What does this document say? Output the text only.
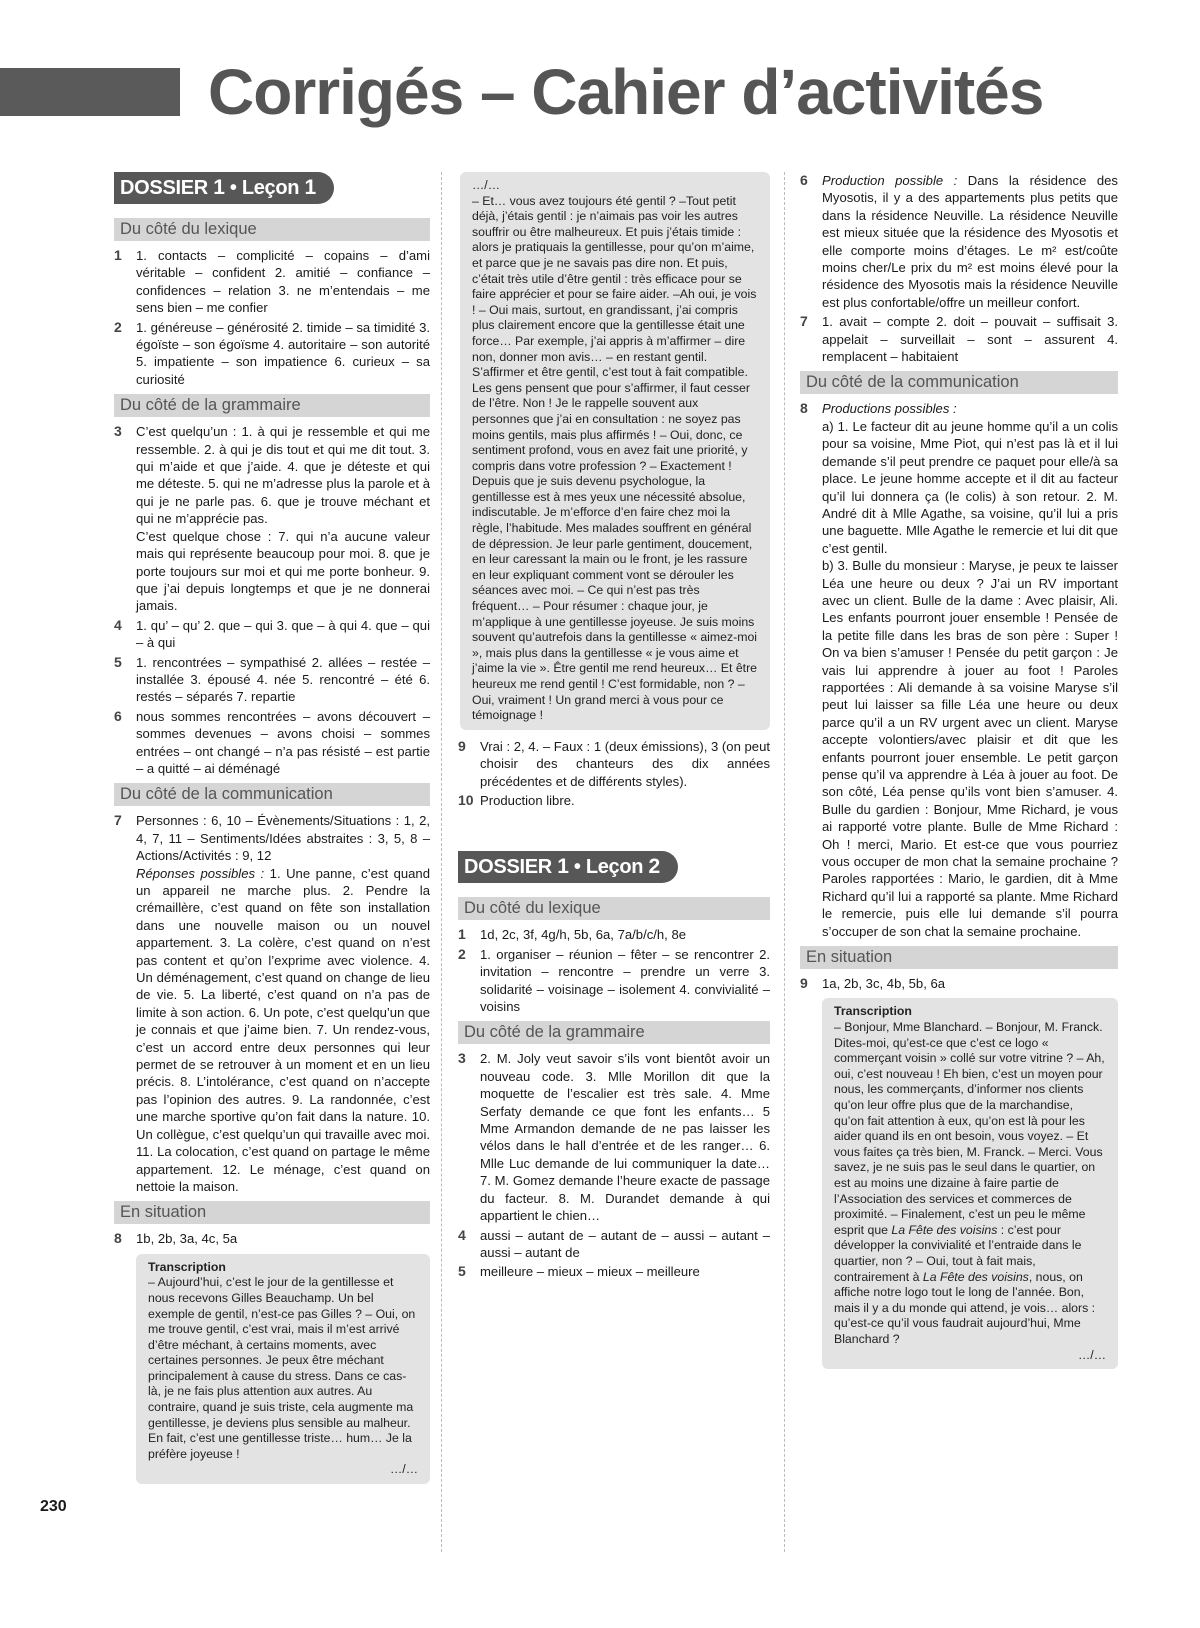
Corrigés – Cahier d’activités
DOSSIER 1 • Leçon 1
Du côté du lexique
1	1. contacts – complicité – copains – d’ami véritable – confident 2. amitié – confiance – confidences – relation 3. ne m’entendais – me sens bien – me confier
2	1. généreuse – générosité 2. timide – sa timidité 3. égoïste – son égoïsme 4. autoritaire – son autorité 5. impatiente – son impatience 6. curieux – sa curiosité
Du côté de la grammaire
3	C’est quelqu’un : 1. à qui je ressemble et qui me ressemble. 2. à qui je dis tout et qui me dit tout. 3. qui m’aide et que j’aide. 4. que je déteste et qui me déteste. 5. qui ne m’adresse plus la parole et à qui je ne parle pas. 6. que je trouve méchant et qui ne m’apprécie pas.

C’est quelque chose : 7. qui n’a aucune valeur mais qui représente beaucoup pour moi. 8. que je porte toujours sur moi et qui me porte bonheur. 9. que j’ai depuis longtemps et que je ne donnerai jamais.

4	1. qu’ – qu’ 2. que – qui 3. que – à qui 4. que – qui – à qui
5	1. rencontrées – sympathisé 2. allées – restée – installée 3. épousé 4. née 5. rencontré – été 6. restés – séparés 7. repartie
6	nous sommes rencontrées – avons découvert – sommes devenues – avons choisi – sommes entrées – ont changé – n’a pas résisté – est partie – a quitté – ai déménagé
Du côté de la communication
7	Personnes : 6, 10 – Évènements/Situations : 1, 2, 4, 7, 11 – Sentiments/Idées abstraites : 3, 5, 8 – Actions/Activités : 9, 12

Réponses possibles : 1. Une panne, c’est quand un appareil ne marche plus. 2. Pendre la crémaillère, c’est quand on fête son installation dans une nouvelle maison ou un nouvel appartement. 3. La colère, c’est quand on n’est pas content et qu’on l’exprime avec violence. 4. Un déménagement, c’est quand on change de lieu de vie. 5. La liberté, c’est quand on n’a pas de limite à son action. 6. Un pote, c’est quelqu’un que je connais et que j’aime bien. 7. Un rendez-vous, c’est un accord entre deux personnes qui leur permet de se retrouver à un moment et en un lieu précis. 8. L’intolérance, c’est quand on n’accepte pas l’opinion des autres. 9. La randonnée, c’est une marche sportive qu’on fait dans la nature. 10. Un collègue, c’est quelqu’un qui travaille avec moi. 11. La colocation, c’est quand on partage le même appartement. 12. Le ménage, c’est quand on nettoie la maison.

En situation
8	1b, 2b, 3a, 4c, 5a

Transcription

– Aujourd’hui, c’est le jour de la gentillesse et nous recevons Gilles Beauchamp. Un bel exemple de gentil, n’est-ce pas Gilles ? – Oui, on me trouve gentil, c’est vrai, mais il m’est arrivé d’être méchant, à certains moments, avec certaines personnes. Je peux être méchant principalement à cause du stress. Dans ce cas-là, je ne fais plus attention aux autres. Au contraire, quand je suis triste, cela augmente ma gentillesse, je deviens plus sensible au malheur. En fait, c’est une gentillesse triste… hum… Je la préfère joyeuse !

…/…

…/…

– Et… vous avez toujours été gentil ? –Tout petit déjà, j’étais gentil : je n’aimais pas voir les autres souffrir ou être malheureux. Et puis j’étais timide : alors je pratiquais la gentillesse, pour qu’on m’aime, et parce que je ne savais pas dire non. Et puis, c’était très utile d’être gentil : très efficace pour se faire apprécier et pour se faire aider. –Ah oui, je vois ! – Oui mais, surtout, en grandissant, j’ai compris plus clairement encore que la gentillesse était une force… Par exemple, j’ai appris à m’affirmer – dire non, donner mon avis… – en restant gentil. S’affirmer et être gentil, c’est tout à fait compatible. Les gens pensent que pour s’affirmer, il faut cesser de l’être. Non ! Je le rappelle souvent aux personnes que j’ai en consultation : ne soyez pas moins gentils, mais plus affirmés ! – Oui, donc, ce sentiment profond, vous en avez fait une priorité, y compris dans votre profession ? – Exactement ! Depuis que je suis devenu psychologue, la gentillesse est à mes yeux une nécessité absolue, indiscutable. Je m’efforce d’en faire chez moi la règle, l’habitude. Mes malades souffrent en général de dépression. Je leur parle gentiment, doucement, en leur caressant la main ou le front, je les rassure en leur expliquant comment vont se dérouler les séances avec moi. – Ce qui n’est pas très fréquent… – Pour résumer : chaque jour, je m’applique à une gentillesse joyeuse. Je suis moins souvent qu’autrefois dans la gentillesse « aimez-moi », mais plus dans la gentillesse « je vous aime et j’aime la vie ». Être gentil me rend heureux… Et être heureux me rend gentil ! C’est formidable, non ? – Oui, vraiment ! Un grand merci à vous pour ce témoignage !

9	Vrai : 2, 4. – Faux : 1 (deux émissions), 3 (on peut choisir des chanteurs des dix années précédentes et de différents styles).
10 Production libre.
DOSSIER 1 • Leçon 2
Du côté du lexique
1	1d, 2c, 3f, 4g/h, 5b, 6a, 7a/b/c/h, 8e
2	1. organiser – réunion – fêter – se rencontrer 2. invitation – rencontre – prendre un verre 3. solidarité – voisinage – isolement 4. convivialité – voisins
Du côté de la grammaire
3	2. M. Joly veut savoir s’ils vont bientôt avoir un nouveau code. 3. Mlle Morillon dit que la moquette de l’escalier est très sale. 4. Mme Serfaty demande ce que font les enfants… 5 Mme Armandon demande de ne pas laisser les vélos dans le hall d’entrée et de les ranger… 6. Mlle Luc demande de lui communiquer la date… 7. M. Gomez demande l’heure exacte de passage du facteur. 8. M. Durandet demande à qui appartient le chien…
4	aussi – autant de – autant de – aussi – autant – aussi – autant de
5	meilleure – mieux – mieux – meilleure
6	Production possible : Dans la résidence des Myosotis, il y a des appartements plus petits que dans la résidence Neuville. La résidence Neuville est mieux située que la résidence des Myosotis et elle comporte moins d’étages. Le m² est/coûte moins cher/Le prix du m² est moins élevé pour la résidence des Myosotis mais la résidence Neuville est plus confortable/offre un meilleur confort.
7	1. avait – compte 2. doit – pouvait – suffisait 3. appelait – surveillait – sont – assurent 4. remplacent – habitaient
Du côté de la communication
8	Productions possibles :

a) 1. Le facteur dit au jeune homme qu’il a un colis pour sa voisine, Mme Piot, qui n’est pas là et il lui demande s’il peut prendre ce paquet pour elle/à sa place. Le jeune homme accepte et il dit au facteur qu’il lui donnera ça (le colis) à son retour. 2. M. André dit à Mlle Agathe, sa voisine, qu’il lui a pris une baguette. Mlle Agathe le remercie et lui dit que c’est gentil.

b) 3. Bulle du monsieur : Maryse, je peux te laisser Léa une heure ou deux ? J’ai un RV important avec un client. Bulle de la dame : Avec plaisir, Ali. Les enfants pourront jouer ensemble ! Pensée de la petite fille dans les bras de son père : Super ! On va bien s’amuser ! Pensée du petit garçon : Je vais lui apprendre à jouer au foot ! Paroles rapportées : Ali demande à sa voisine Maryse s’il peut lui laisser sa fille Léa une heure ou deux parce qu’il a un RV urgent avec un client. Maryse accepte volontiers/avec plaisir et dit que les enfants pourront jouer ensemble. Le petit garçon pense qu’il va apprendre à Léa à jouer au foot. De son côté, Léa pense qu’ils vont bien s’amuser. 4. Bulle du gardien : Bonjour, Mme Richard, je vous ai rapporté votre plante. Bulle de Mme Richard : Oh ! merci, Mario. Et est-ce que vous pourriez vous occuper de mon chat la semaine prochaine ? Paroles rapportées : Mario, le gardien, dit à Mme Richard qu’il lui a rapporté sa plante. Mme Richard le remercie, puis elle lui demande s’il pourra s’occuper de son chat la semaine prochaine.

En situation
9	1a, 2b, 3c, 4b, 5b, 6a

Transcription

– Bonjour, Mme Blanchard. – Bonjour, M. Franck. Dites-moi, qu’est-ce que c’est ce logo « commerçant voisin » collé sur votre vitrine ? – Ah, oui, c’est nouveau ! Eh bien, c’est un moyen pour nous, les commerçants, d’informer nos clients qu’on leur offre plus que de la marchandise, qu’on fait attention à eux, qu’on est là pour les aider quand ils en ont besoin, vous voyez. – Et vous faites ça très bien, M. Franck. – Merci. Vous savez, je ne suis pas le seul dans le quartier, on est au moins une dizaine à faire partie de l’Association des services et commerces de proximité. – Finalement, c’est un peu le même esprit que La Fête des voisins : c’est pour développer la convivialité et l’entraide dans le quartier, non ? – Oui, tout à fait mais, contrairement à La Fête des voisins, nous, on affiche notre logo tout le long de l’année. Bon, mais il y a du monde qui attend, je vois… alors : qu’est-ce qu’il vous faudrait aujourd’hui, Mme Blanchard ?

…/…

230
